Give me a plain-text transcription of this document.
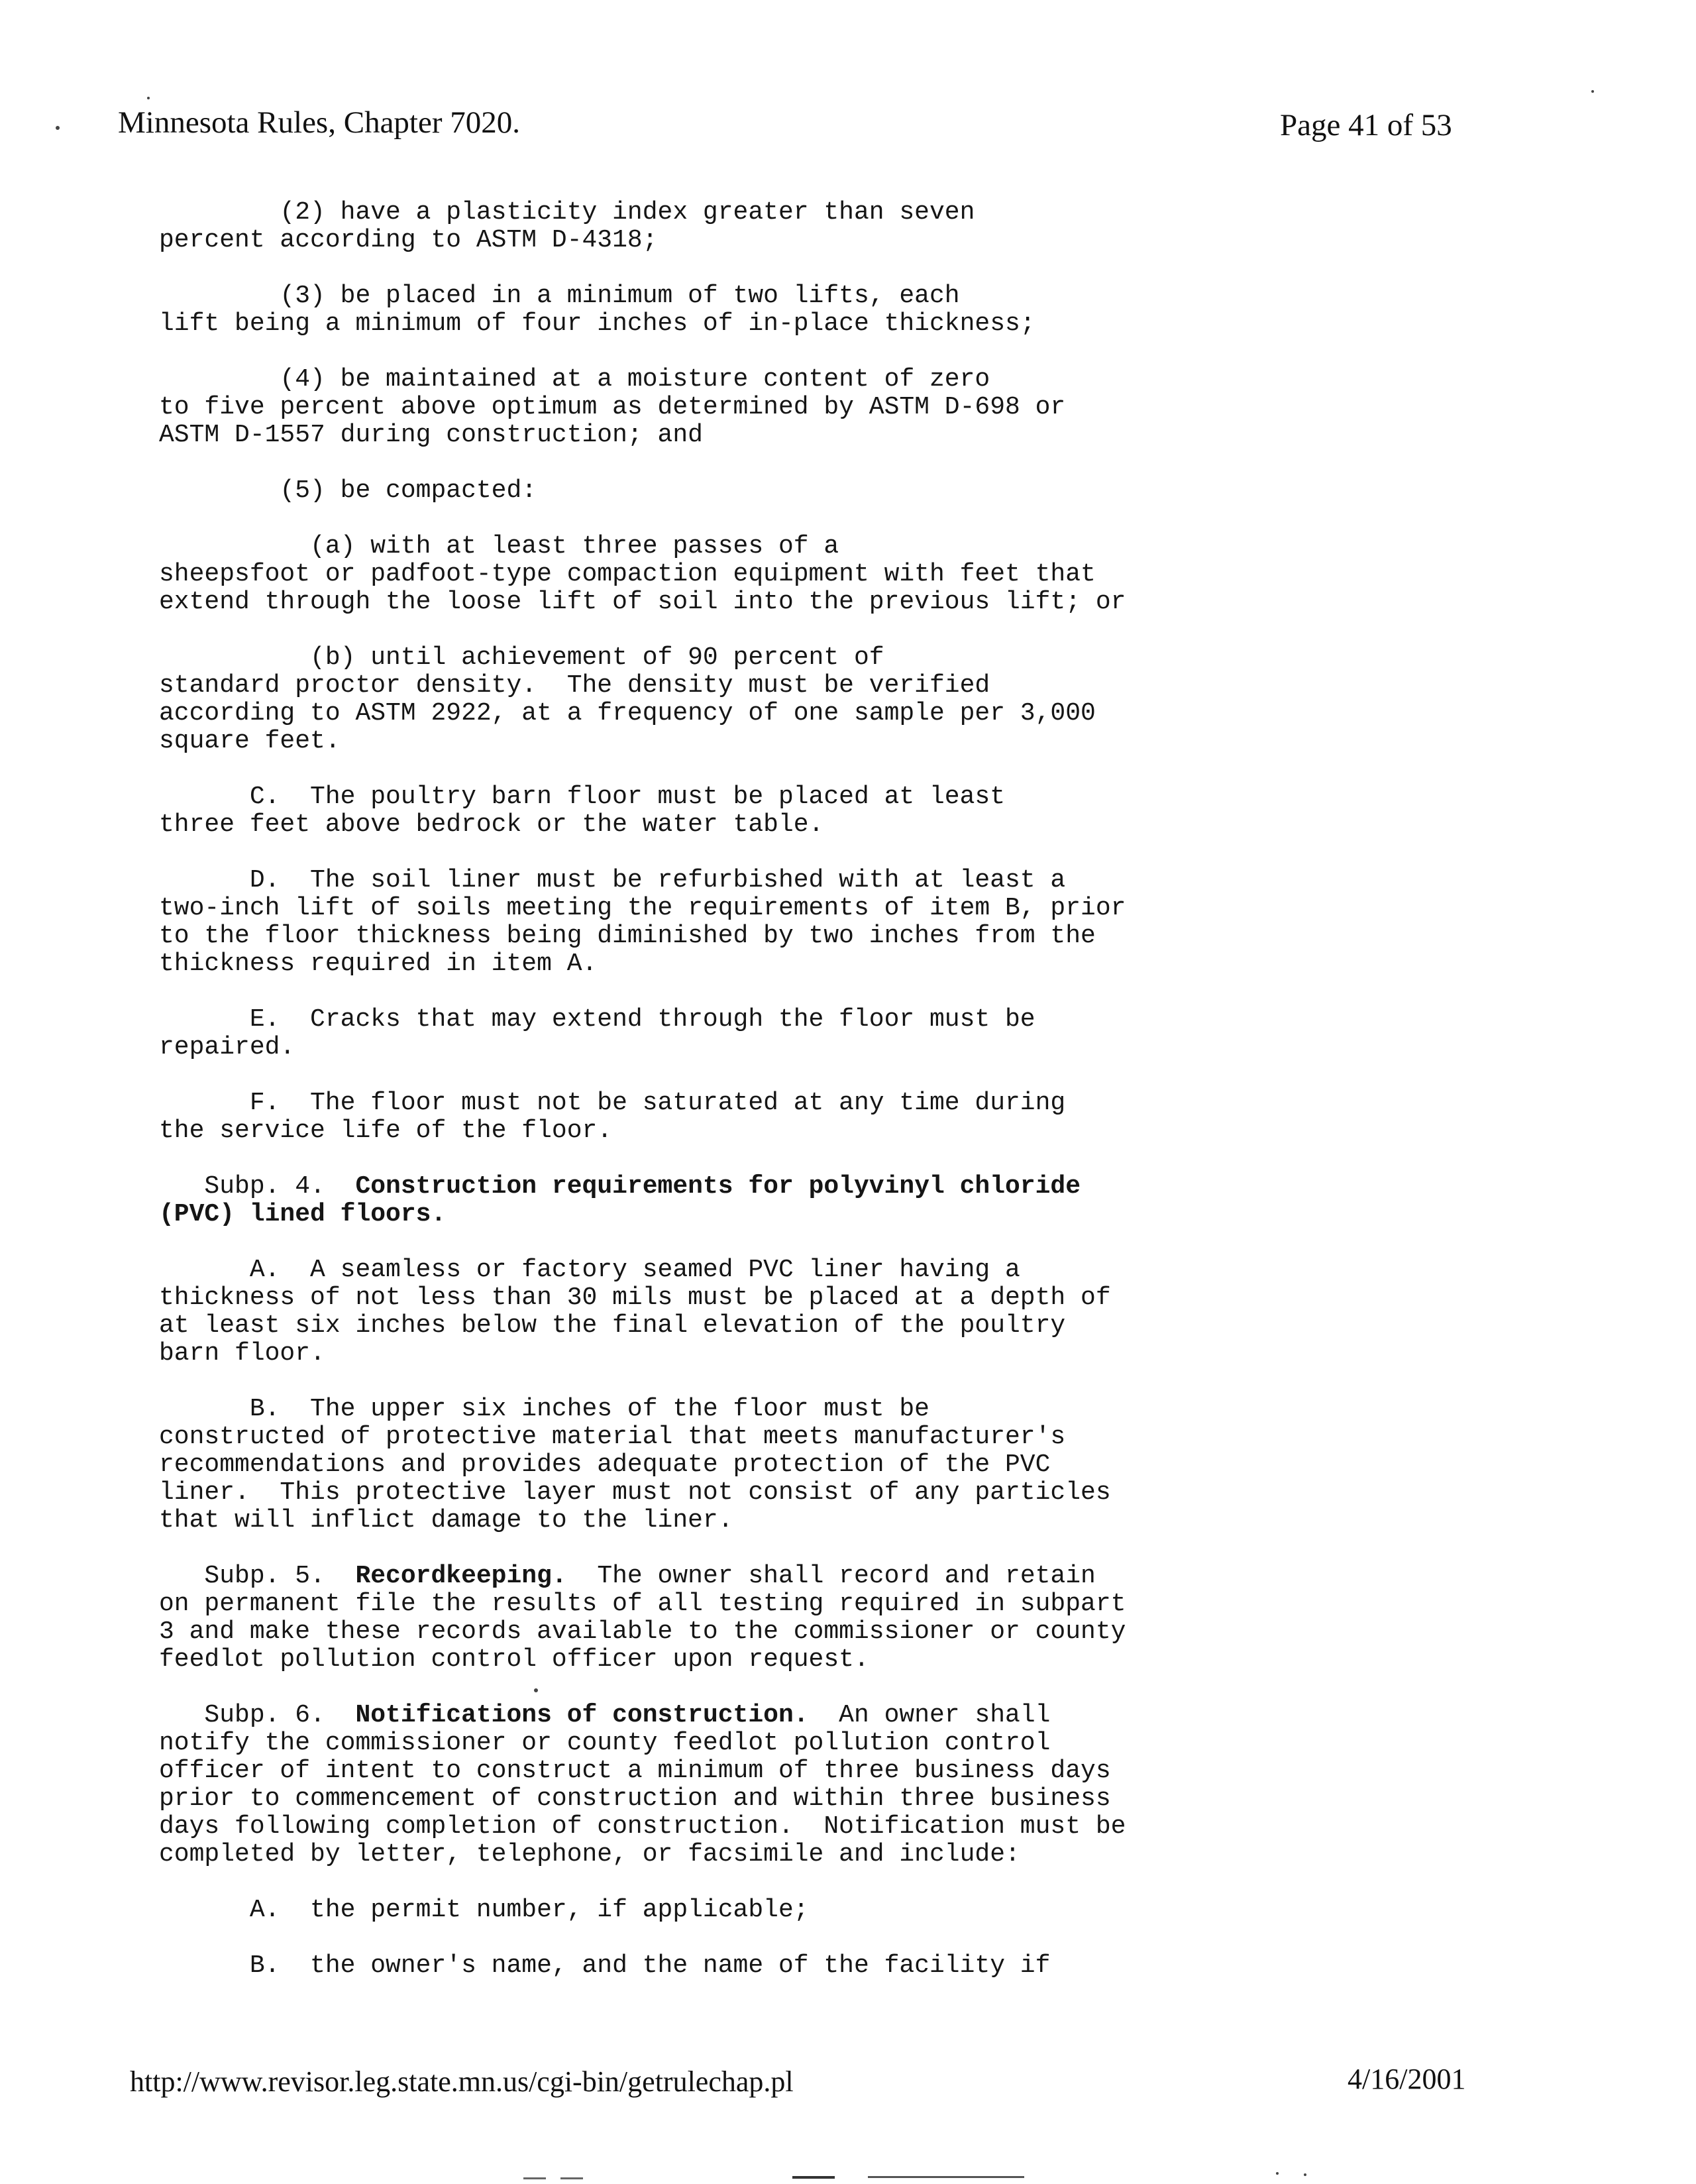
Minnesota Rules, Chapter 7020.	Page 41 of 53
(2) have a plasticity index greater than seven
percent according to ASTM D-4318;
(3) be placed in a minimum of two lifts, each
lift being a minimum of four inches of in-place thickness;
(4) be maintained at a moisture content of zero
to five percent above optimum as determined by ASTM D-698 or
ASTM D-1557 during construction; and
(5) be compacted:
(a) with at least three passes of a
sheepsfoot or padfoot-type compaction equipment with feet that
extend through the loose lift of soil into the previous lift; or
(b) until achievement of 90 percent of
standard proctor density.  The density must be verified
according to ASTM 2922, at a frequency of one sample per 3,000
square feet.
C.  The poultry barn floor must be placed at least
three feet above bedrock or the water table.
D.  The soil liner must be refurbished with at least a
two-inch lift of soils meeting the requirements of item B, prior
to the floor thickness being diminished by two inches from the
thickness required in item A.
E.  Cracks that may extend through the floor must be
repaired.
F.  The floor must not be saturated at any time during
the service life of the floor.
Subp. 4.  Construction requirements for polyvinyl chloride
(PVC) lined floors.
A.  A seamless or factory seamed PVC liner having a
thickness of not less than 30 mils must be placed at a depth of
at least six inches below the final elevation of the poultry
barn floor.
B.  The upper six inches of the floor must be
constructed of protective material that meets manufacturer's
recommendations and provides adequate protection of the PVC
liner.  This protective layer must not consist of any particles
that will inflict damage to the liner.
Subp. 5.  Recordkeeping.  The owner shall record and retain
on permanent file the results of all testing required in subpart
3 and make these records available to the commissioner or county
feedlot pollution control officer upon request.
Subp. 6.  Notifications of construction.  An owner shall
notify the commissioner or county feedlot pollution control
officer of intent to construct a minimum of three business days
prior to commencement of construction and within three business
days following completion of construction.  Notification must be
completed by letter, telephone, or facsimile and include:
A.  the permit number, if applicable;
B.  the owner's name, and the name of the facility if
http://www.revisor.leg.state.mn.us/cgi-bin/getrulechap.pl	4/16/2001
